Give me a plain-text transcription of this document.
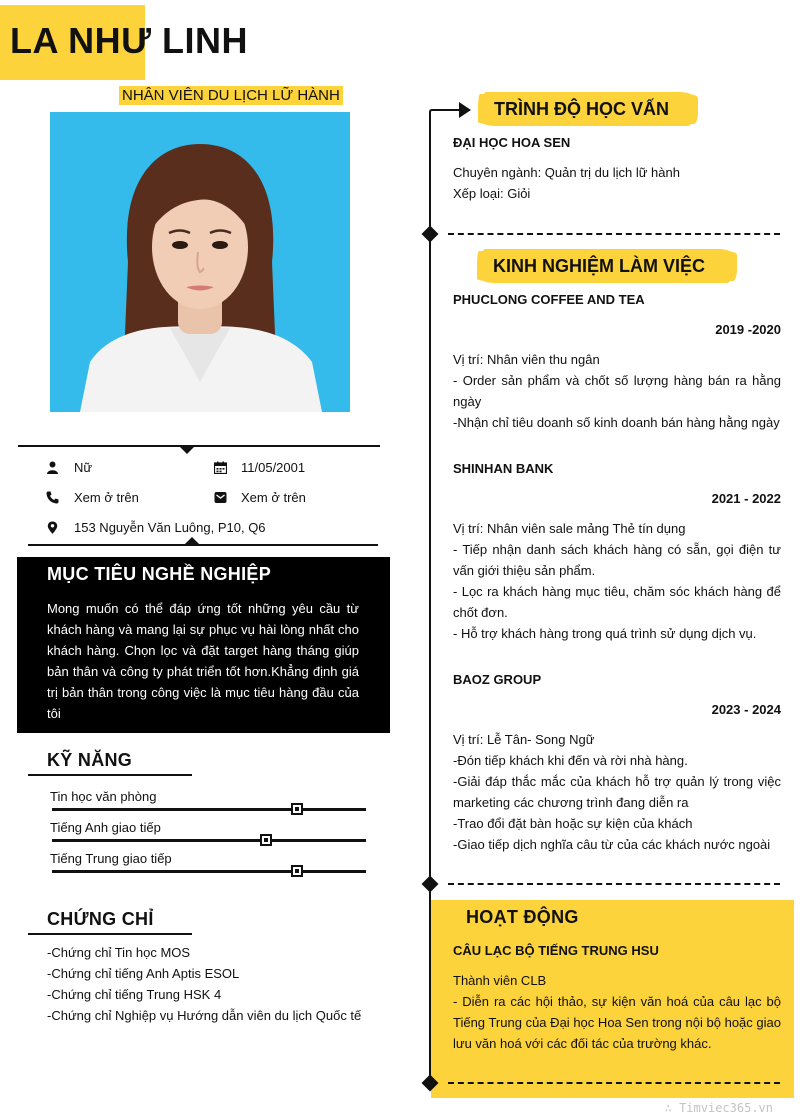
LA NHƯ LINH
NHÂN VIÊN DU LỊCH LỮ HÀNH
Nữ	11/05/2001
Xem ở trên	Xem ở trên
153 Nguyễn Văn Luông, P10, Q6
MỤC TIÊU NGHỀ NGHIỆP
Mong muốn có thể đáp ứng tốt những yêu cầu từ khách hàng và mang lại sự phục vụ hài lòng nhất cho khách hàng. Chọn lọc và đặt target hàng tháng giúp bản thân và công ty phát triển tốt hơn.Khẳng định giá trị bản thân trong công việc là mục tiêu hàng đầu của tôi
KỸ NĂNG
Tin học văn phòng
Tiếng Anh giao tiếp
Tiếng Trung giao tiếp
CHỨNG CHỈ
-Chứng chỉ Tin học MOS
-Chứng chỉ tiếng Anh Aptis ESOL
-Chứng chỉ tiếng Trung HSK 4
-Chứng chỉ Nghiệp vụ Hướng dẫn viên du lịch Quốc tế
TRÌNH ĐỘ HỌC VẤN
ĐẠI HỌC HOA SEN
Chuyên ngành: Quản trị du lịch lữ hành
Xếp loại: Giỏi
KINH NGHIỆM LÀM VIỆC
PHUCLONG COFFEE AND TEA
2019 -2020
Vị trí: Nhân viên thu ngân
- Order sản phẩm và chốt số lượng hàng bán ra hằng ngày
-Nhận chỉ tiêu doanh số kinh doanh bán hàng hằng ngày
SHINHAN BANK
2021 - 2022
Vị trí: Nhân viên sale mảng Thẻ tín dụng
- Tiếp nhận danh sách khách hàng có sẵn, gọi điện tư vấn giới thiệu sản phẩm.
- Lọc ra khách hàng mục tiêu, chăm sóc khách hàng để chốt đơn.
- Hỗ trợ khách hàng trong quá trình sử dụng dịch vụ.
BAOZ GROUP
2023 - 2024
Vị trí: Lễ Tân- Song Ngữ
-Đón tiếp khách khi đến và rời nhà hàng.
-Giải đáp thắc mắc của khách hỗ trợ quản lý trong việc marketing các chương trình đang diễn ra
-Trao đổi đặt bàn hoặc sự kiện của khách
-Giao tiếp dịch nghĩa câu từ của các khách nước ngoài
HOẠT ĐỘNG
CÂU LẠC BỘ TIẾNG TRUNG HSU
Thành viên CLB
- Diễn ra các hội thảo, sự kiện văn hoá của câu lạc bộ Tiếng Trung của Đại học Hoa Sen trong nội bộ hoặc giao lưu văn hoá với các đối tác của trường khác.
∴ Timviec365.vn
